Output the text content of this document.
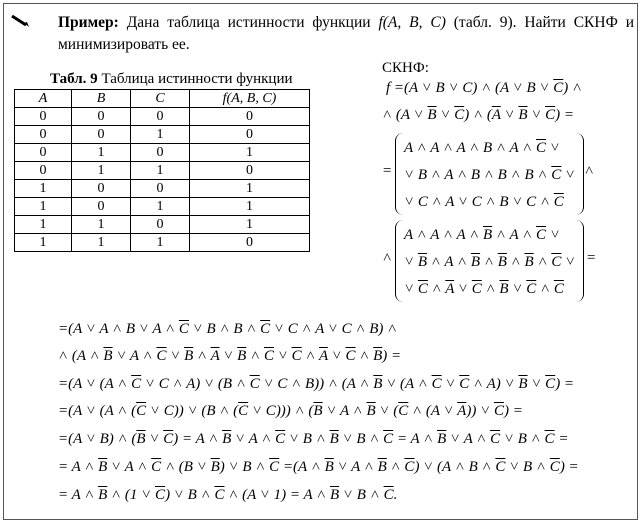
Пример: Дана таблица истинности функции f(A, B, C) (табл. 9). Найти СКНФ и минимизировать ее.
Табл. 9 Таблица истинности функции
A	B	C	f(A, B, C)
0	0	0	0
0	0	1	0
0	1	0	1
0	1	1	0
1	0	0	1
1	0	1	1
1	1	0	1
1	1	1	0
СКНФ:
f =(A ˅ B ˅ C) ˄ (A ˅ B ˅ $\overline{C}$) ˄
˄ (A ˅ $\overline{B}$ ˅ $\overline{C}$) ˄ ($\overline{A}$ ˅ $\overline{B}$ ˅ $\overline{C}$) =
=
A ˄ A ˄ A ˄ B ˄ A ˄ $\overline{C}$ ˅
˅ B ˄ A ˄ B ˄ B ˄ B ˄ $\overline{C}$ ˅
˅ C ˄ A ˅ C ˄ B ˅ C ˄ $\overline{C}$
˄
˄
A ˄ A ˄ A ˄ $\overline{B}$ ˄ A ˄ $\overline{C}$ ˅
˅ $\overline{B}$ ˄ A ˄ $\overline{B}$ ˄ $\overline{B}$ ˄ $\overline{B}$ ˄ $\overline{C}$ ˅
˅ $\overline{C}$ ˄ $\overline{A}$ ˅ $\overline{C}$ ˄ $\overline{B}$ ˅ $\overline{C}$ ˄ $\overline{C}$
=
=(A ˅ A ˄ B ˅ A ˄ $\overline{C}$ ˅ B ˄ B ˄ $\overline{C}$ ˅ C ˄ A ˅ C ˄ B) ˄
˄ (A ˄ $\overline{B}$ ˅ A ˄ $\overline{C}$ ˅ $\overline{B}$ ˄ $\overline{A}$ ˅ $\overline{B}$ ˄ $\overline{C}$ ˅ $\overline{C}$ ˄ $\overline{A}$ ˅ $\overline{C}$ ˄ $\overline{B}$) =
=(A ˅ (A ˄ $\overline{C}$ ˅ C ˄ A) ˅ (B ˄ $\overline{C}$ ˅ C ˄ B)) ˄ (A ˄ $\overline{B}$ ˅ (A ˄ $\overline{C}$ ˅ $\overline{C}$ ˄ A) ˅ $\overline{B}$ ˅ $\overline{C}$) =
=(A ˅ (A ˄ ($\overline{C}$ ˅ C)) ˅ (B ˄ ($\overline{C}$ ˅ C))) ˄ ($\overline{B}$ ˅ A ˄ $\overline{B}$ ˅ ($\overline{C}$ ˄ (A ˅ $\overline{A}$)) ˅ $\overline{C}$) =
=(A ˅ B) ˄ ($\overline{B}$ ˅ $\overline{C}) = A$ ˄ $\overline{B}$ ˅ A ˄ $\overline{C}$ ˅ B ˄ $\overline{B}$ ˅ B ˄ $\overline{C} = A$ ˄ $\overline{B}$ ˅ A ˄ $\overline{C}$ ˅ B ˄ $\overline{C}$ =
= A ˄ $\overline{B}$ ˅ A ˄ $\overline{C}$ ˄ (B ˅ $\overline{B}$) ˅ B ˄ $\overline{C} =(A$ ˄ $\overline{B}$ ˅ A ˄ $\overline{B}$ ˄ $\overline{C}$) ˅ (A ˄ B ˄ $\overline{C}$ ˅ B ˄ $\overline{C}$) =
= A ˄ $\overline{B}$ ˄ (1 ˅ $\overline{C}$) ˅ B ˄ $\overline{C}$ ˄ (A ˅ 1) = A ˄ $\overline{B}$ ˅ B ˄ $\overline{C}$.
